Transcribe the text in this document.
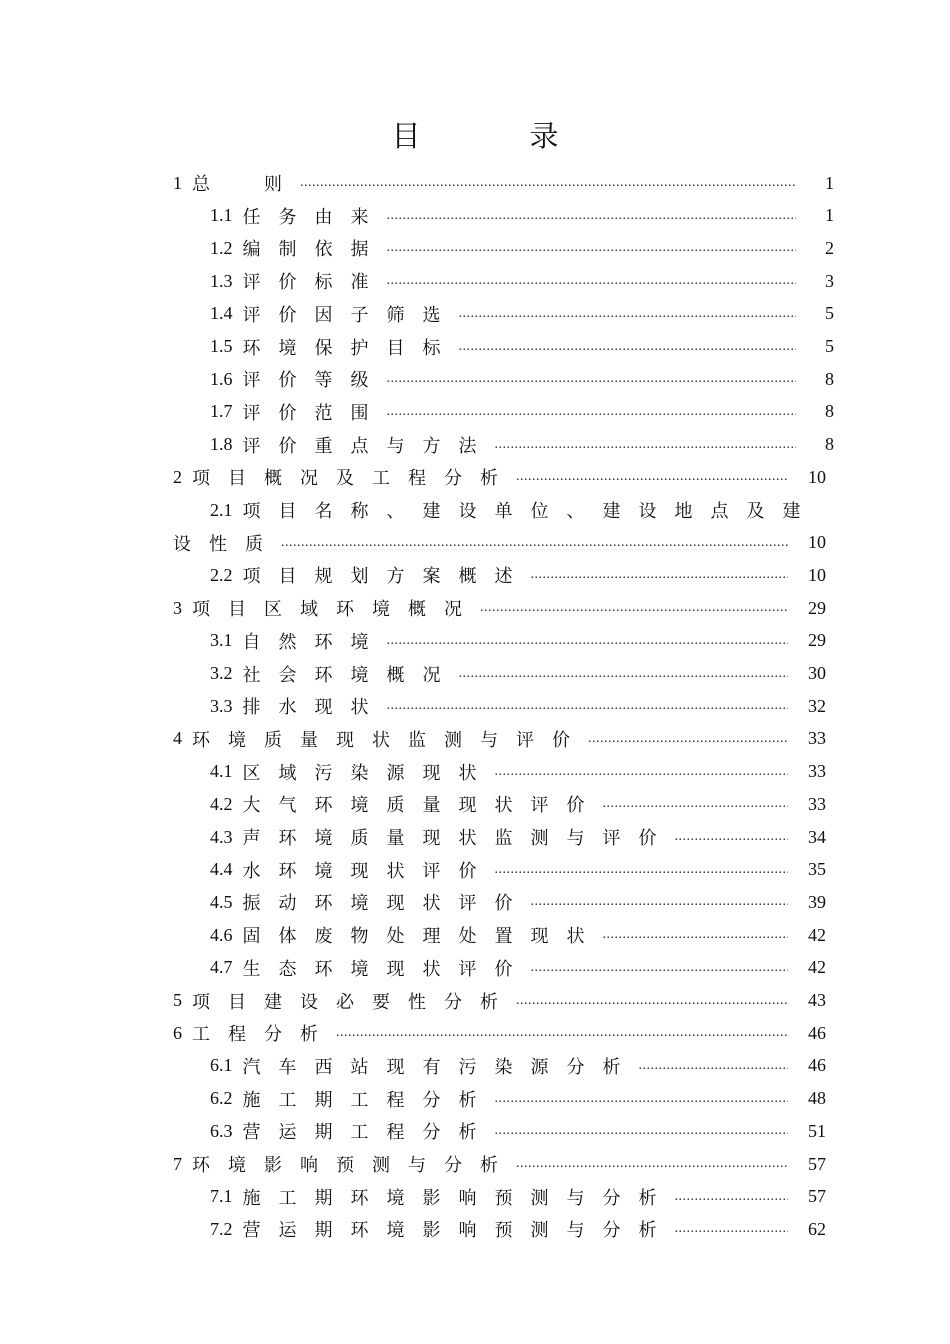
目　录
1 总　则 .....	1
1.1 任务由来 .....	1
1.2 编制依据 .....	2
1.3 评价标准 .....	3
1.4 评价因子筛选 .....	5
1.5 环境保护目标 .....	5
1.6 评价等级 .....	8
1.7 评价范围 .....	8
1.8 评价重点与方法 .....	8
2 项目概况及工程分析 .....	10
2.1 项目名称、建设单位、建设地点及建
设性质 .....	10
2.2 项目规划方案概述 .....	10
3 项目区域环境概况 .....	29
3.1 自然环境 .....	29
3.2 社会环境概况 .....	30
3.3 排水现状 .....	32
4 环境质量现状监测与评价 .....	33
4.1 区域污染源现状 .....	33
4.2 大气环境质量现状评价 .....	33
4.3 声环境质量现状监测与评价 .....	34
4.4 水环境现状评价 .....	35
4.5 振动环境现状评价 .....	39
4.6 固体废物处理处置现状 .....	42
4.7 生态环境现状评价 .....	42
5 项目建设必要性分析 .....	43
6 工程分析 .....	46
6.1 汽车西站现有污染源分析 .....	46
6.2 施工期工程分析 .....	48
6.3 营运期工程分析 .....	51
7 环境影响预测与分析 .....	57
7.1 施工期环境影响预测与分析 .....	57
7.2 营运期环境影响预测与分析 .....	62
